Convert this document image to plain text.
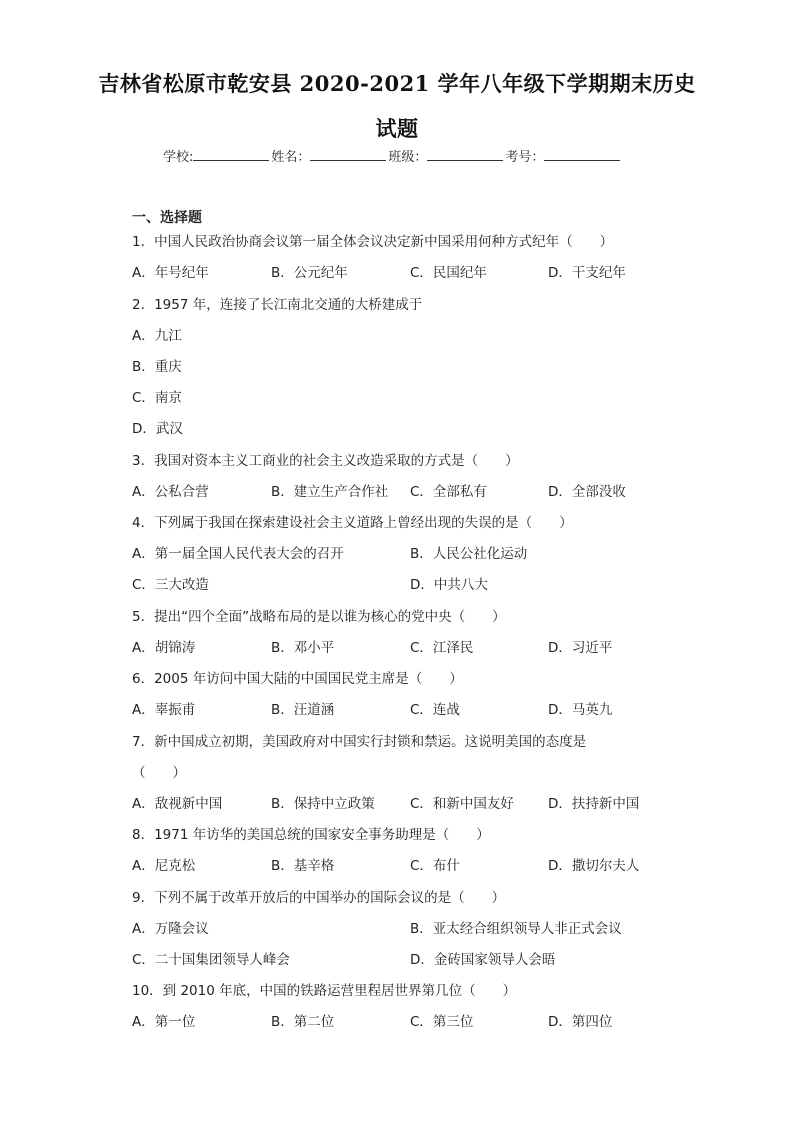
吉林省松原市乾安县 2020-2021 学年八年级下学期期末历史
试题
学校:	姓名：	班级：	考号：
一、选择题
1．中国人民政治协商会议第一届全体会议决定新中国采用何种方式纪年（　　）
A．年号纪年	B．公元纪年	C．民国纪年	D．干支纪年
2．1957 年，连接了长江南北交通的大桥建成于
A．九江
B．重庆
C．南京
D．武汉
3．我国对资本主义工商业的社会主义改造采取的方式是（　　）
A．公私合营	B．建立生产合作社 C．全部私有	D．全部没收
4．下列属于我国在探索建设社会主义道路上曾经出现的失误的是（　　）
A．第一届全国人民代表大会的召开	B．人民公社化运动
C．三大改造	D．中共八大
5．提出“四个全面”战略布局的是以谁为核心的党中央（　　）
A．胡锦涛	B．邓小平	C．江泽民	D．习近平
6．2005 年访问中国大陆的中国国民党主席是（　　）
A．辜振甫	B．汪道涵	C．连战	D．马英九
7．新中国成立初期，美国政府对中国实行封锁和禁运。这说明美国的态度是
（　　）
A．敌视新中国	B．保持中立政策	C．和新中国友好	D．扶持新中国
8．1971 年访华的美国总统的国家安全事务助理是（　　）
A．尼克松	B．基辛格	C．布什	D．撒切尔夫人
9．下列不属于改革开放后的中国举办的国际会议的是（　　）
A．万隆会议	B．亚太经合组织领导人非正式会议
C．二十国集团领导人峰会	D．金砖国家领导人会晤
10．到 2010 年底，中国的铁路运营里程居世界第几位（　　）
A．第一位	B．第二位	C．第三位	D．第四位
